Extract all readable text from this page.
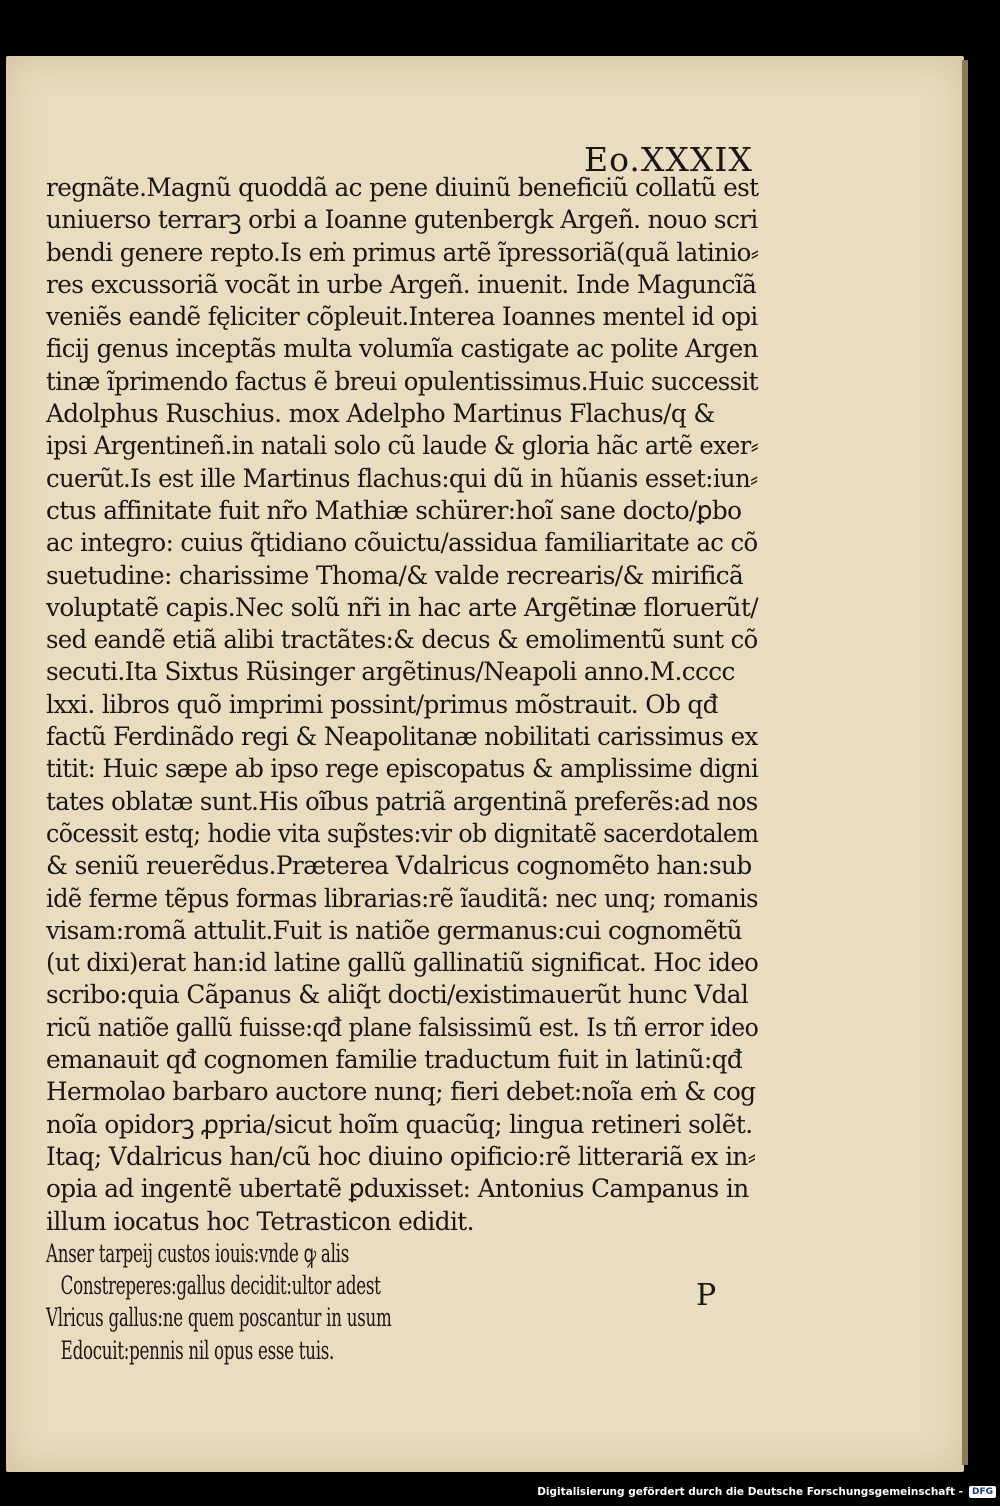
Eo.XXXIX
regnãte.Magnũ quoddã ac pene diuinũ beneficiũ collatũ est
uniuerso terrarꝫ orbi a Ioanne gutenbergk Argeñ. nouo scri
bendi genere repto.Is eṁ primus artẽ ĩpressoriã(quã latinio⸗
res excussoriã vocãt in urbe Argeñ. inuenit. Inde Maguncĩã
veniẽs eandẽ fęliciter cõpleuit.Interea Ioannes mentel id opi
ficij genus inceptãs multa volumĩa castigate ac polite Argen
tinæ ĩprimendo factus ẽ breui opulentissimus.Huic successit
Adolphus Ruschius. mox Adelpho Martinus Flachus/q &
ipsi Argentineñ.in natali solo cũ laude & gloria hãc artẽ exer⸗
cuerũt.Is est ille Martinus flachus:qui dũ in hũanis esset:iun⸗
ctus affinitate fuit nr̃o Mathiæ schürer:hoĩ sane docto/ꝑbo
ac integro: cuius q̃tidiano cõuictu/assidua familiaritate ac cõ
suetudine: charissime Thoma/& valde recrearis/& mirificã
voluptatẽ capis.Nec solũ nr̃i in hac arte Argẽtinæ floruerũt/
sed eandẽ etiã alibi tractãtes:& decus & emolimentũ sunt cõ
secuti.Ita Sixtus Rüsinger argẽtinus/Neapoli anno.M.cccc
lxxi. libros quõ imprimi possint/primus mõstrauit. Ob qđ
factũ Ferdinãdo regi & Neapolitanæ nobilitati carissimus ex
titit: Huic sæpe ab ipso rege episcopatus & amplissime digni
tates oblatæ sunt.His oĩbus patriã argentinã preferẽs:ad nos
cõcessit estq; hodie vita sup̃stes:vir ob dignitatẽ sacerdotalem
& seniũ reuerẽdus.Præterea Vdalricus cognomẽto han:sub
idẽ ferme tẽpus formas librarias:rẽ ĩauditã: nec unq; romanis
visam:romã attulit.Fuit is natiõe germanus:cui cognomẽtũ
(ut dixi)erat han:id latine gallũ gallinatiũ significat. Hoc ideo
scribo:quia Cãpanus & aliq̃t docti/existimauerũt hunc Vdal
ricũ natiõe gallũ fuisse:qđ plane falsissimũ est. Is tñ error ideo
emanauit qđ cognomen familie traductum fuit in latinũ:qđ
Hermolao barbaro auctore nunq; fieri debet:noĩa eṁ & cog
noĩa opidorꝫ ꝓpria/sicut hoĩm quacũq; lingua retineri solẽt.
Itaq; Vdalricus han/cũ hoc diuino opificio:rẽ litterariã ex in⸗
opia ad ingentẽ ubertatẽ ꝑduxisset: Antonius Campanus in
illum iocatus hoc Tetrasticon edidit.
Anser tarpeij custos iouis:vnde ꝙ alis
Constreperes:gallus decidit:ultor adest
Vlricus gallus:ne quem poscantur in usum
Edocuit:pennis nil opus esse tuis.
P
Digitalisierung gefördert durch die Deutsche Forschungsgemeinschaft -	DFG
